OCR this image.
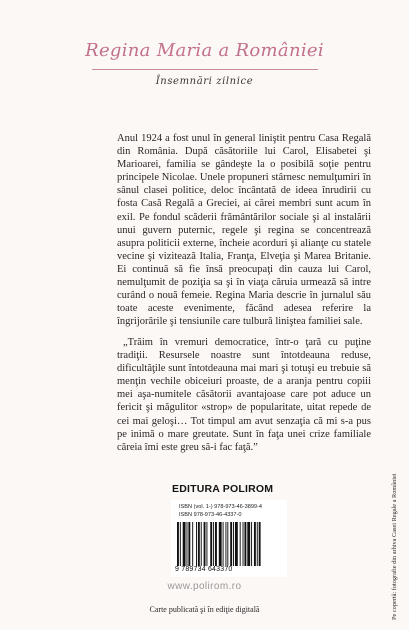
Regina Maria a României
Însemnări zilnice
Anul 1924 a fost unul în general liniştit pentru Casa Regală din România. După căsătoriile lui Carol, Elisabetei şi Marioarei, familia se gândeşte la o posibilă soţie pentru principele Nicolae. Unele propuneri stârnesc nemulţumiri în sânul clasei politice, deloc încântată de ideea înrudirii cu fosta Casă Regală a Greciei, ai cărei membri sunt acum în exil. Pe fondul scăderii frământărilor sociale şi al instalării unui guvern puternic, regele şi regina se concentrează asupra politicii externe, încheie acorduri şi alianţe cu statele vecine şi vizitează Italia, Franţa, Elveţia şi Marea Britanie. Ei continuă să fie însă preocupaţi din cauza lui Carol, nemulţumit de poziţia sa şi în viaţa căruia urmează să intre curând o nouă femeie. Regina Maria descrie în jurnalul său toate aceste evenimente, făcând adesea referire la îngrijorările şi tensiunile care tulbură liniştea familiei sale.
„Trăim în vremuri democratice, într-o ţară cu puţine tradiţii. Resursele noastre sunt întotdeauna reduse, dificultăţile sunt întotdeauna mai mari şi totuşi eu trebuie să menţin vechile obiceiuri proaste, de a aranja pentru copiii mei aşa-numitele căsătorii avantajoase care pot aduce un fericit şi măgulitor «strop» de popularitate, uitat repede de cei mai geloşi… Tot timpul am avut senzaţia că mi s-a pus pe inimă o mare greutate. Sunt în faţa unei crize familiale căreia îmi este greu să-i fac faţă.”
EDITURA POLIROM
ISBN (vol. 1-) 978-973-46-3899-4
ISBN 978-973-46-4337-0
9 789734 643370
www.polirom.ro
Carte publicată şi în ediţie digitală	Pe copertă: fotografie din arhiva Casei Regale a României
